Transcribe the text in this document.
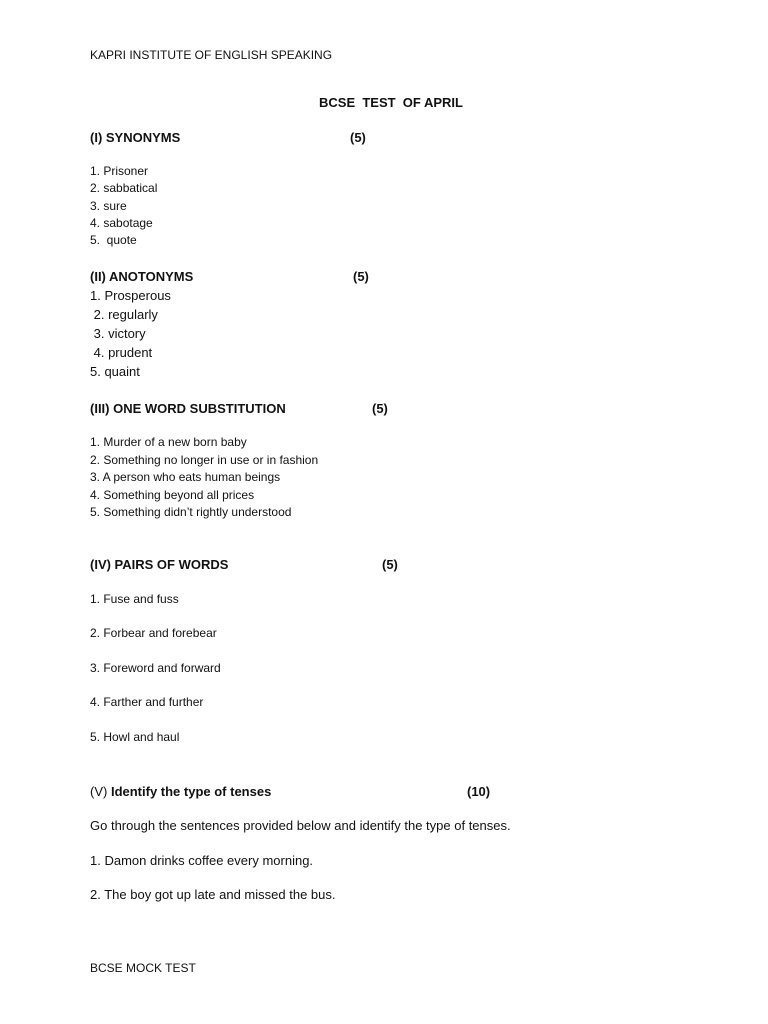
KAPRI INSTITUTE OF ENGLISH SPEAKING
BCSE  TEST  OF APRIL
(I) SYNONYMS	(5)
1. Prisoner
2. sabbatical
3. sure
4. sabotage
5.  quote
(II) ANOTONYMS	(5)
1. Prosperous
2. regularly
3. victory
4. prudent
5. quaint
(III) ONE WORD SUBSTITUTION	(5)
1. Murder of a new born baby
2. Something no longer in use or in fashion
3. A person who eats human beings
4. Something beyond all prices
5. Something didn’t rightly understood
(IV) PAIRS OF WORDS	(5)
1. Fuse and fuss
2. Forbear and forebear
3. Foreword and forward
4. Farther and further
5. Howl and haul
(V) Identify the type of tenses	(10)
Go through the sentences provided below and identify the type of tenses.
1. Damon drinks coffee every morning.
2. The boy got up late and missed the bus.
BCSE MOCK TEST
